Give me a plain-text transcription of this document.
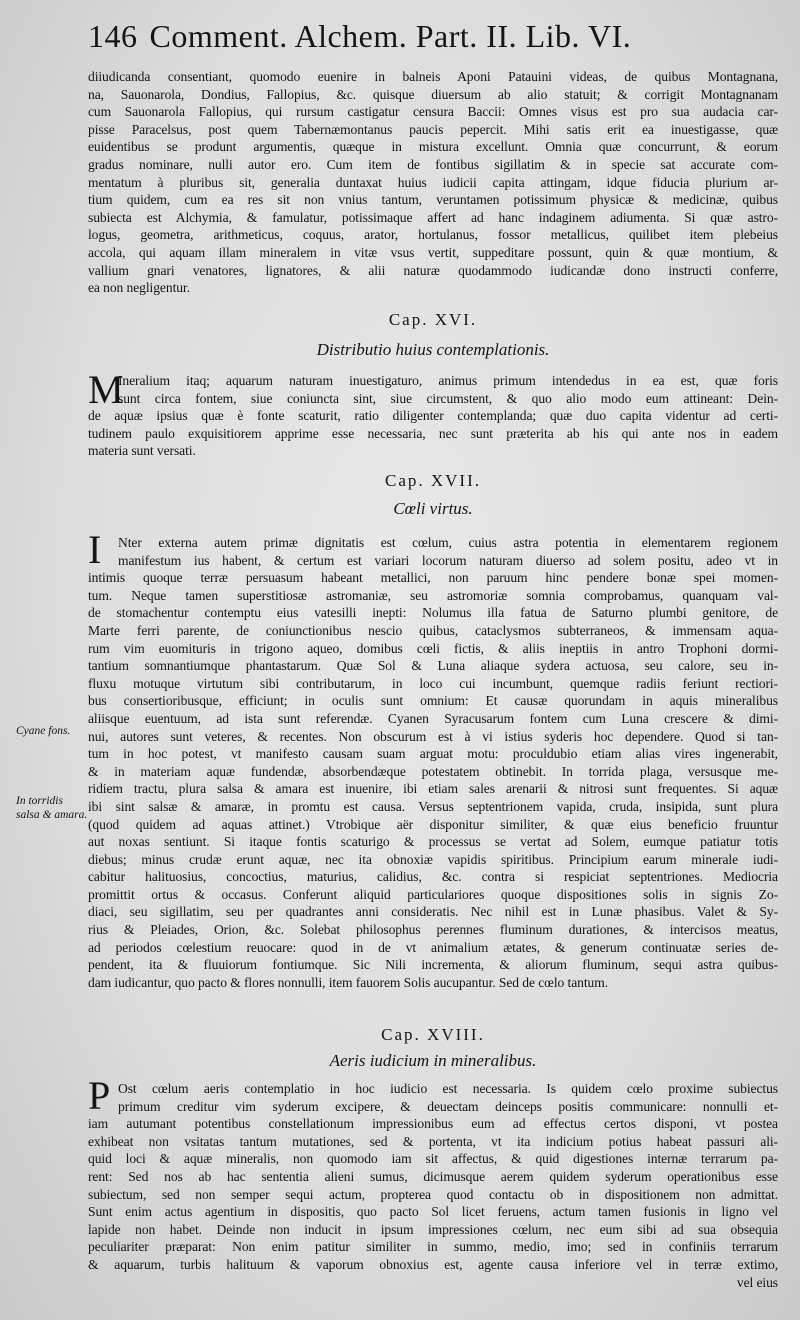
146 Comment. Alchem. Part. II. Lib. VI.
diiudicanda consentiant, quomodo euenire in balneis Aponi Patauini videas, de quibus Montagnana,
na, Sauonarola, Dondius, Fallopius, &c. quisque diuersum ab alio statuit; & corrigit Montagnanam
cum Sauonarola Fallopius, qui rursum castigatur censura Baccii: Omnes visus est pro sua audacia car-
pisse Paracelsus, post quem Tabernæmontanus paucis pepercit. Mihi satis erit ea inuestigasse, quæ
euidentibus se produnt argumentis, quæque in mistura excellunt. Omnia quæ concurrunt, & eorum
gradus nominare, nulli autor ero. Cum item de fontibus sigillatim & in specie sat accurate com-
mentatum à pluribus sit, generalia duntaxat huius iudicii capita attingam, idque fiducia plurium ar-
tium quidem, cum ea res sit non vnius tantum, veruntamen potissimum physicæ & medicinæ, quibus
subiecta est Alchymia, & famulatur, potissimaque affert ad hanc indaginem adiumenta. Si quæ astro-
logus, geometra, arithmeticus, coquus, arator, hortulanus, fossor metallicus, quilibet item plebeius
accola, qui aquam illam mineralem in vitæ vsus vertit, suppeditare possunt, quin & quæ montium, &
vallium gnari venatores, lignatores, & alii naturæ quodammodo iudicandæ dono instructi conferre,
ea non negligentur.
Cap. XVI.
Distributio huius contemplationis.
M
Ineralium itaq; aquarum naturam inuestigaturo, animus primum intendedus in ea est, quæ foris
sunt circa fontem, siue coniuncta sint, siue circumstent, & quo alio modo eum attineant: Dein-
de aquæ ipsius quæ è fonte scaturit, ratio diligenter contemplanda; quæ duo capita videntur ad certi-
tudinem paulo exquisitiorem apprime esse necessaria, nec sunt præterita ab his qui ante nos in eadem
materia sunt versati.
Cap. XVII.
Cœli virtus.
I	Nter externa autem primæ dignitatis est cœlum, cuius astra potentia in elementarem regionem
manifestum ius habent, & certum est variari locorum naturam diuerso ad solem positu, adeo vt in
intimis quoque terræ persuasum habeant metallici, non paruum hinc pendere bonæ spei momen-
tum. Neque tamen superstitiosæ astromaniæ, seu astromoriæ somnia comprobamus, quanquam val-
de stomachentur contemptu eius vatesilli inepti: Nolumus illa fatua de Saturno plumbi genitore, de
Marte ferri parente, de coniunctionibus nescio quibus, cataclysmos subterraneos, & immensam aqua-
rum vim euomituris in trigono aqueo, domibus cœli fictis, & aliis ineptiis in antro Trophoni dormi-
tantium somnantiumque phantastarum. Quæ Sol & Luna aliaque sydera actuosa, seu calore, seu in-
fluxu motuque virtutum sibi contributarum, in loco cui incumbunt, quemque radiis feriunt rectiori-
bus consertioribusque, efficiunt; in oculis sunt omnium: Et causæ quorundam in aquis mineralibus
aliisque euentuum, ad ista sunt referendæ. Cyanen Syracusarum fontem cum Luna crescere & dimi-
nui, autores sunt veteres, & recentes. Non obscurum est à vi istius syderis hoc dependere. Quod si tan-
tum in hoc potest, vt manifesto causam suam arguat motu: proculdubio etiam alias vires ingenerabit,
& in materiam aquæ fundendæ, absorbendæque potestatem obtinebit. In torrida plaga, versusque me-
ridiem tractu, plura salsa & amara est inuenire, ibi etiam sales arenarii & nitrosi sunt frequentes. Si aquæ
ibi sint salsæ & amaræ, in promtu est causa. Versus septentrionem vapida, cruda, insipida, sunt plura
(quod quidem ad aquas attinet.) Vtrobique aër disponitur similiter, & quæ eius beneficio fruuntur
aut noxas sentiunt. Si itaque fontis scaturigo & processus se vertat ad Solem, eumque patiatur totis
diebus; minus crudæ erunt aquæ, nec ita obnoxiæ vapidis spiritibus. Principium earum minerale iudi-
cabitur halituosius, concoctius, maturius, calidius, &c. contra si respiciat septentriones. Mediocria
promittit ortus & occasus. Conferunt aliquid particulariores quoque dispositiones solis in signis Zo-
diaci, seu sigillatim, seu per quadrantes anni consideratis. Nec nihil est in Lunæ phasibus. Valet & Sy-
rius & Pleiades, Orion, &c. Solebat philosophus perennes fluminum durationes, & intercisos meatus,
ad periodos cœlestium reuocare: quod in de vt animalium ætates, & generum continuatæ series de-
pendent, ita & fluuiorum fontiumque. Sic Nili incrementa, & aliorum fluminum, sequi astra quibus-
dam iudicantur, quo pacto & flores nonnulli, item fauorem Solis aucupantur. Sed de cœlo tantum.
Cyane fons.
In torridis salsa & amara.
Cap. XVIII.
Aeris iudicium in mineralibus.
P Ost cœlum aeris contemplatio in hoc iudicio est necessaria. Is quidem cœlo proxime subiectus
primum creditur vim syderum excipere, & deuectam deinceps positis communicare: nonnulli et-
iam autumant potentibus constellationum impressionibus eum ad effectus certos disponi, vt postea
exhibeat non vsitatas tantum mutationes, sed & portenta, vt ita indicium potius habeat passuri ali-
quid loci & aquæ mineralis, non quomodo iam sit affectus, & quid digestiones internæ terrarum pa-
rent: Sed nos ab hac sententia alieni sumus, dicimusque aerem quidem syderum operationibus esse
subiectum, sed non semper sequi actum, propterea quod contactu ob in dispositionem non admittat.
Sunt enim actus agentium in dispositis, quo pacto Sol licet feruens, actum tamen fusionis in ligno vel
lapide non habet. Deinde non inducit in ipsum impressiones cœlum, nec eum sibi ad sua obsequia
peculiariter præparat: Non enim patitur similiter in summo, medio, imo; sed in confiniis terrarum
& aquarum, turbis halituum & vaporum obnoxius est, agente causa inferiore vel in terræ extimo,
vel eius
